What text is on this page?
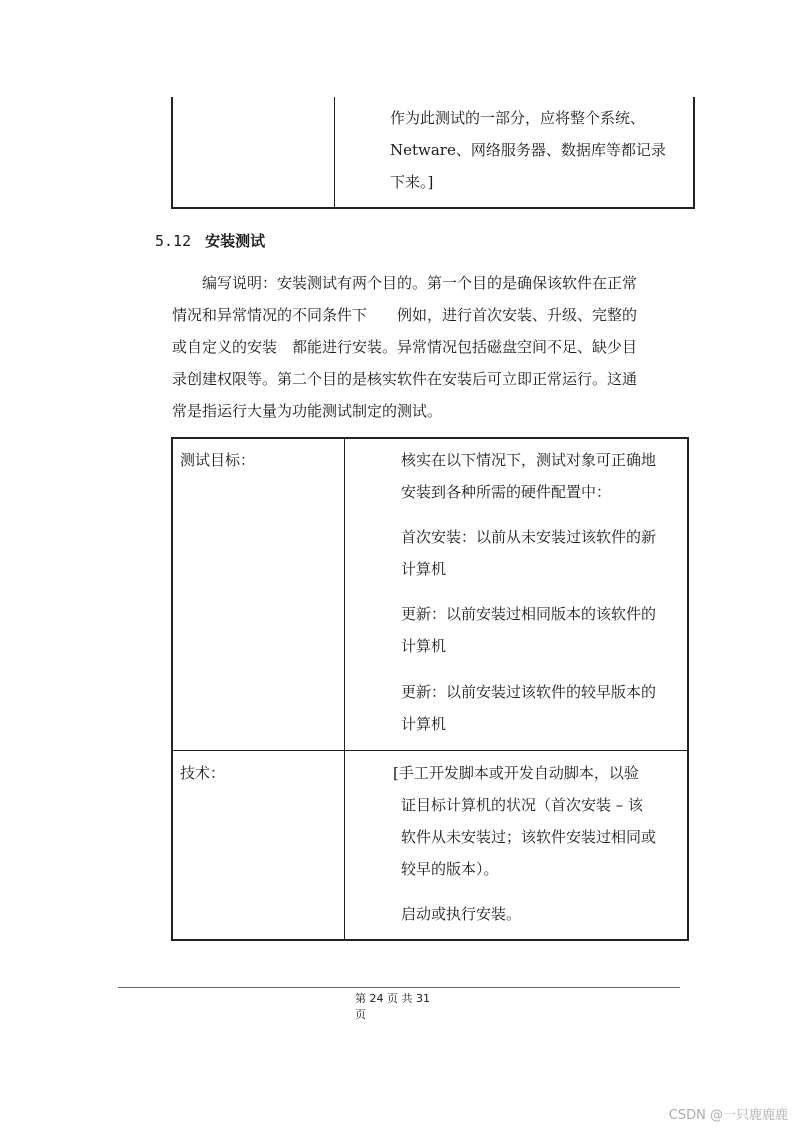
作为此测试的一部分，应将整个系统、
Netware、网络服务器、数据库等都记录
下来。]
5.12 安装测试
编写说明：安装测试有两个目的。第一个目的是确保该软件在正常
情况和异常情况的不同条件下　　例如，进行首次安装、升级、完整的
或自定义的安装　都能进行安装。异常情况包括磁盘空间不足、缺少目
录创建权限等。第二个目的是核实软件在安装后可立即正常运行。这通
常是指运行大量为功能测试制定的测试。
测试目标：	核实在以下情况下，测试对象可正确地
安装到各种所需的硬件配置中：
首次安装：以前从未安装过该软件的新
计算机
更新：以前安装过相同版本的该软件的
计算机
更新：以前安装过该软件的较早版本的
计算机
技术：	[手工开发脚本或开发自动脚本，以验
证目标计算机的状况（首次安装 – 该
软件从未安装过；该软件安装过相同或
较早的版本）。
启动或执行安装。
第 24 页 共 31
页
CSDN @一只鹿鹿鹿
